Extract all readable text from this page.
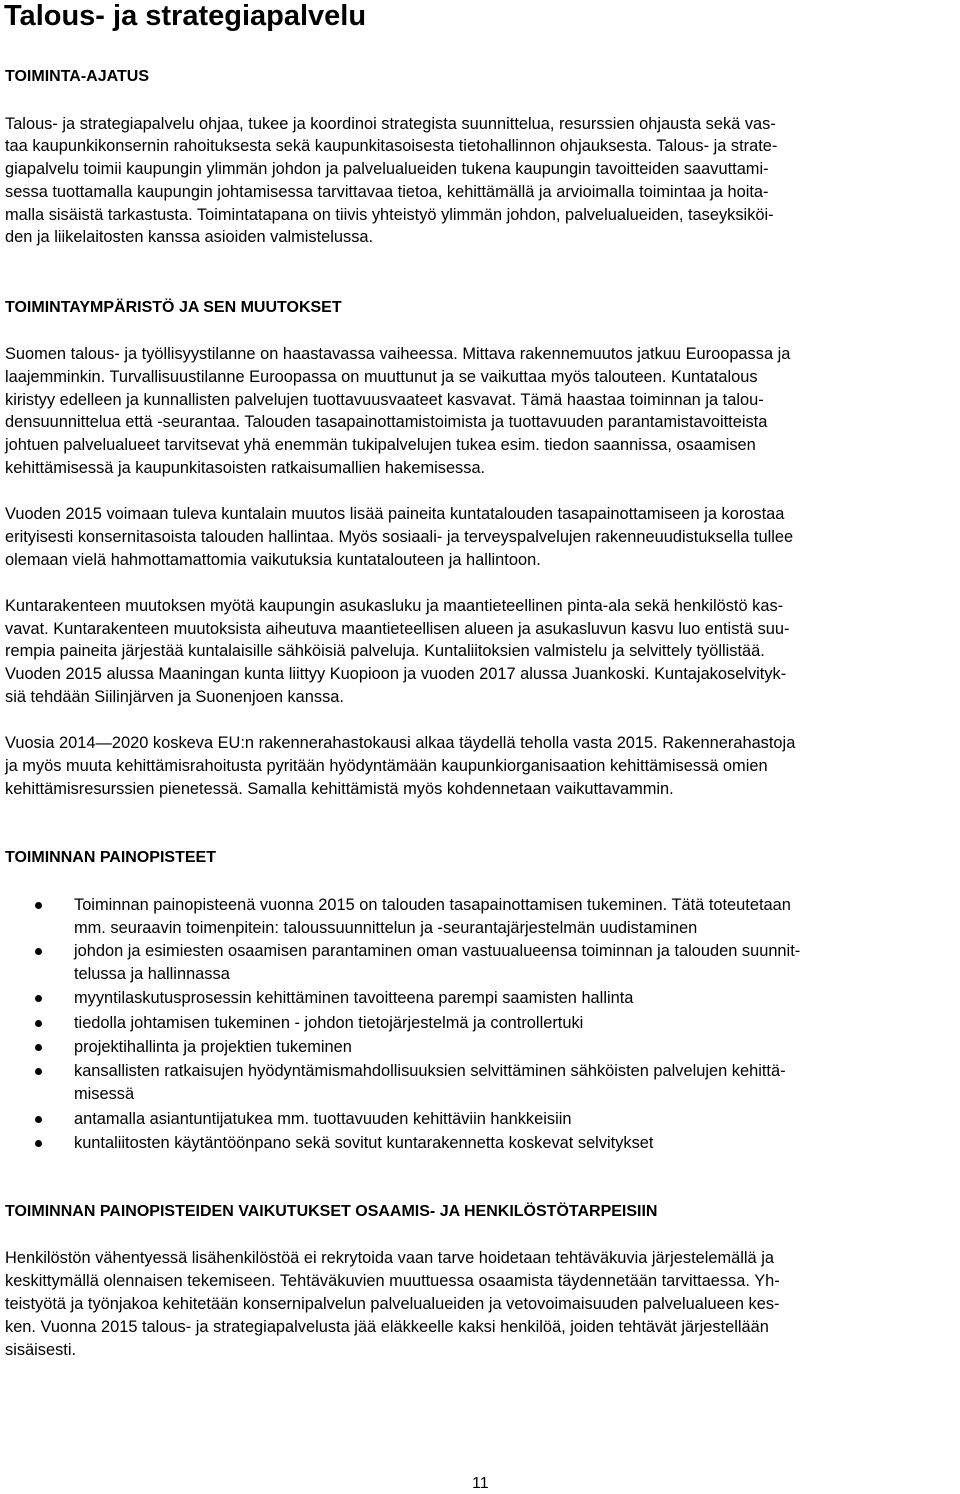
Talous- ja strategiapalvelu
TOIMINTA-AJATUS

Talous- ja strategiapalvelu ohjaa, tukee ja koordinoi strategista suunnittelua, resurssien ohjausta sekä vas-

taa kaupunkikonsernin rahoituksesta sekä kaupunkitasoisesta tietohallinnon ohjauksesta. Talous- ja strate-

giapalvelu toimii kaupungin ylimmän johdon ja palvelualueiden tukena kaupungin tavoitteiden saavuttami-

sessa tuottamalla kaupungin johtamisessa tarvittavaa tietoa, kehittämällä ja arvioimalla toimintaa ja hoita-

malla sisäistä tarkastusta. Toimintatapana on tiivis yhteistyö ylimmän johdon, palvelualueiden, taseyksiköi-

den ja liikelaitosten kanssa asioiden valmistelussa.

TOIMINTAYMPÄRISTÖ JA SEN MUUTOKSET

Suomen talous- ja työllisyystilanne on haastavassa vaiheessa. Mittava rakennemuutos jatkuu Euroopassa ja

laajemminkin. Turvallisuustilanne Euroopassa on muuttunut ja se vaikuttaa myös talouteen. Kuntatalous

kiristyy edelleen ja kunnallisten palvelujen tuottavuusvaateet kasvavat. Tämä haastaa toiminnan ja talou-

densuunnittelua että -seurantaa. Talouden tasapainottamistoimista ja tuottavuuden parantamistavoitteista

johtuen palvelualueet tarvitsevat yhä enemmän tukipalvelujen tukea esim. tiedon saannissa, osaamisen

kehittämisessä ja kaupunkitasoisten ratkaisumallien hakemisessa.

Vuoden 2015 voimaan tuleva kuntalain muutos lisää paineita kuntatalouden tasapainottamiseen ja korostaa

erityisesti konsernitasoista talouden hallintaa. Myös sosiaali- ja terveyspalvelujen rakenneuudistuksella tullee

olemaan vielä hahmottamattomia vaikutuksia kuntatalouteen ja hallintoon.

Kuntarakenteen muutoksen myötä kaupungin asukasluku ja maantieteellinen pinta-ala sekä henkilöstö kas-

vavat. Kuntarakenteen muutoksista aiheutuva maantieteellisen alueen ja asukasluvun kasvu luo entistä suu-

rempia paineita järjestää kuntalaisille sähköisiä palveluja. Kuntaliitoksien valmistelu ja selvittely työllistää.

Vuoden 2015 alussa Maaningan kunta liittyy Kuopioon ja vuoden 2017 alussa Juankoski. Kuntajakoselvityk-

siä tehdään Siilinjärven ja Suonenjoen kanssa.

Vuosia 2014—2020 koskeva EU:n rakennerahastokausi alkaa täydellä teholla vasta 2015. Rakennerahastoja

ja myös muuta kehittämisrahoitusta pyritään hyödyntämään kaupunkiorganisaation kehittämisessä omien

kehittämisresurssien pienetessä. Samalla kehittämistä myös kohdennetaan vaikuttavammin.

TOIMINNAN PAINOPISTEET

Toiminnan painopisteenä vuonna 2015 on talouden tasapainottamisen tukeminen. Tätä toteutetaan

mm. seuraavin toimenpitein: taloussuunnittelun ja -seurantajärjestelmän uudistaminen

johdon ja esimiesten osaamisen parantaminen oman vastuualueensa toiminnan ja talouden suunnit-

telussa ja hallinnassa

myyntilaskutusprosessin kehittäminen tavoitteena parempi saamisten hallinta

tiedolla johtamisen tukeminen - johdon tietojärjestelmä ja controllertuki

projektihallinta ja projektien tukeminen

kansallisten ratkaisujen hyödyntämismahdollisuuksien selvittäminen sähköisten palvelujen kehittä-

misessä

antamalla asiantuntijatukea mm. tuottavuuden kehittäviin hankkeisiin

kuntaliitosten käytäntöönpano sekä sovitut kuntarakennetta koskevat selvitykset

TOIMINNAN PAINOPISTEIDEN VAIKUTUKSET OSAAMIS- JA HENKILÖSTÖTARPEISIIN

Henkilöstön vähentyessä lisähenkilöstöä ei rekrytoida vaan tarve hoidetaan tehtäväkuvia järjestelemällä ja

keskittymällä olennaisen tekemiseen. Tehtäväkuvien muuttuessa osaamista täydennetään tarvittaessa. Yh-

teistyötä ja työnjakoa kehitetään konsernipalvelun palvelualueiden ja vetovoimaisuuden palvelualueen kes-

ken. Vuonna 2015 talous- ja strategiapalvelusta jää eläkkeelle kaksi henkilöä, joiden tehtävät järjestellään

sisäisesti.

11
